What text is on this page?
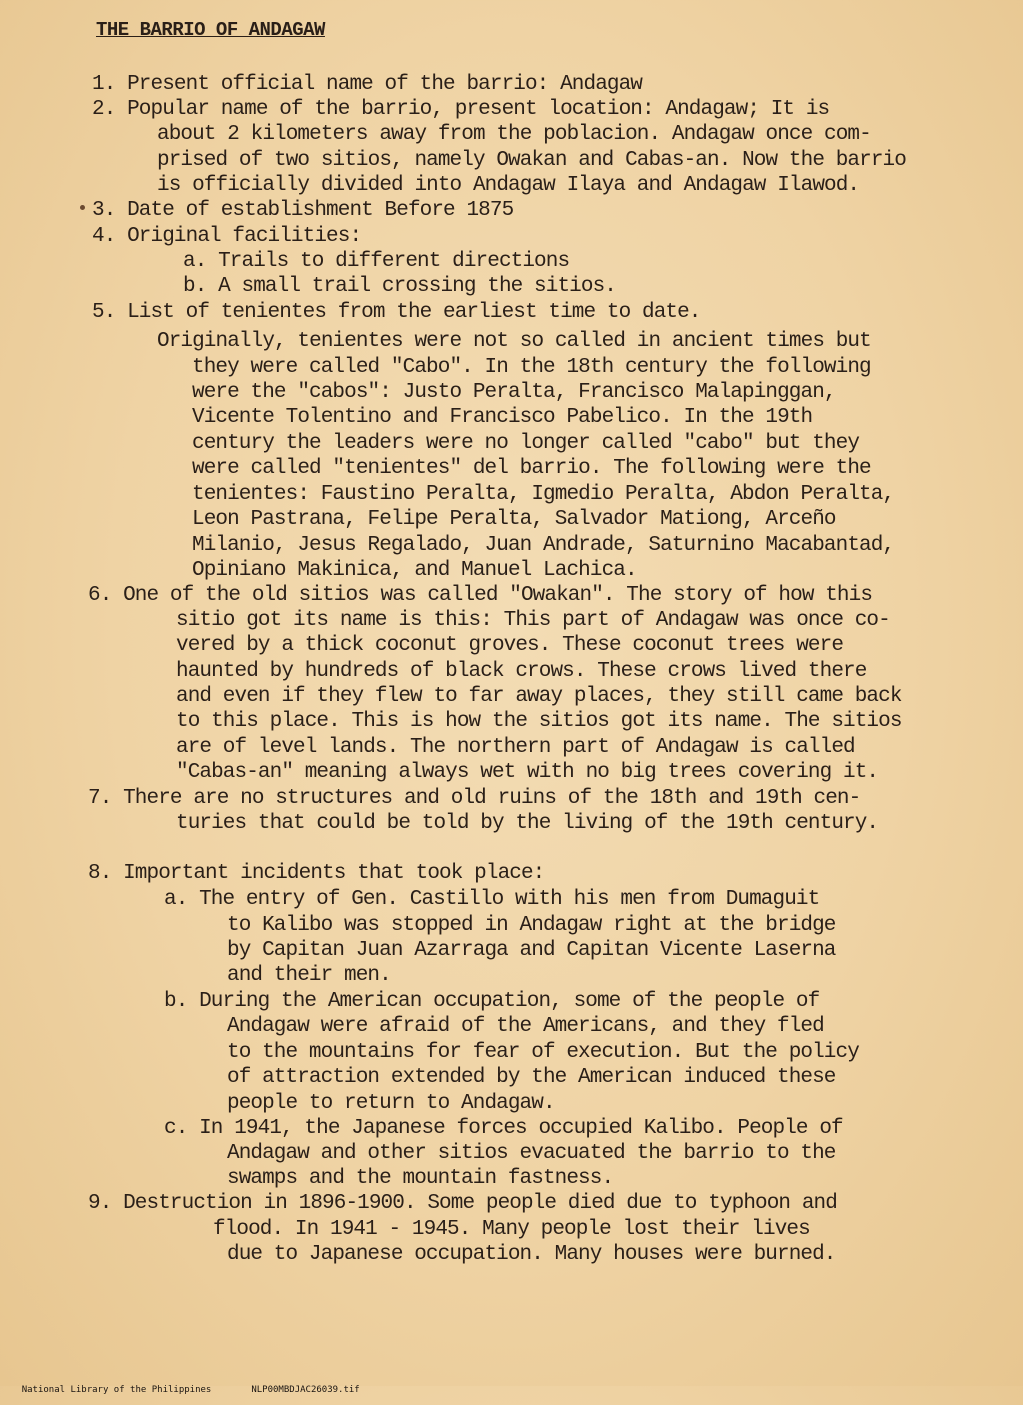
THE BARRIO OF ANDAGAW
1. Present official name of the barrio: Andagaw
2. Popular name of the barrio, present location: Andagaw; It is
about 2 kilometers away from the poblacion. Andagaw once com-
prised of two sitios, namely Owakan and Cabas-an. Now the barrio
is officially divided into Andagaw Ilaya and Andagaw Ilawod.
3. Date of establishment Before 1875
4. Original facilities:
a. Trails to different directions
b. A small trail crossing the sitios.
5. List of tenientes from the earliest time to date.
Originally, tenientes were not so called in ancient times but
they were called "Cabo". In the 18th century the following
were the "cabos": Justo Peralta, Francisco Malapinggan,
Vicente Tolentino and Francisco Pabelico. In the 19th
century the leaders were no longer called "cabo" but they
were called "tenientes" del barrio. The following were the
tenientes: Faustino Peralta, Igmedio Peralta, Abdon Peralta,
Leon Pastrana, Felipe Peralta, Salvador Mationg, Arceño
Milanio, Jesus Regalado, Juan Andrade, Saturnino Macabantad,
Opiniano Makinica, and Manuel Lachica.
6. One of the old sitios was called "Owakan". The story of how this
sitio got its name is this: This part of Andagaw was once co-
vered by a thick coconut groves. These coconut trees were
haunted by hundreds of black crows. These crows lived there
and even if they flew to far away places, they still came back
to this place. This is how the sitios got its name. The sitios
are of level lands. The northern part of Andagaw is called
"Cabas-an" meaning always wet with no big trees covering it.
7. There are no structures and old ruins of the 18th and 19th cen-
turies that could be told by the living of the 19th century.
8. Important incidents that took place:
a. The entry of Gen. Castillo with his men from Dumaguit
to Kalibo was stopped in Andagaw right at the bridge
by Capitan Juan Azarraga and Capitan Vicente Laserna
and their men.
b. During the American occupation, some of the people of
Andagaw were afraid of the Americans, and they fled
to the mountains for fear of execution. But the policy
of attraction extended by the American induced these
people to return to Andagaw.
c. In 1941, the Japanese forces occupied Kalibo. People of
Andagaw and other sitios evacuated the barrio to the
swamps and the mountain fastness.
9. Destruction in 1896-1900. Some people died due to typhoon and
flood. In 1941 - 1945. Many people lost their lives
due to Japanese occupation. Many houses were burned.

National Library of the Philippines	NLP00MBDJAC26039.tif
